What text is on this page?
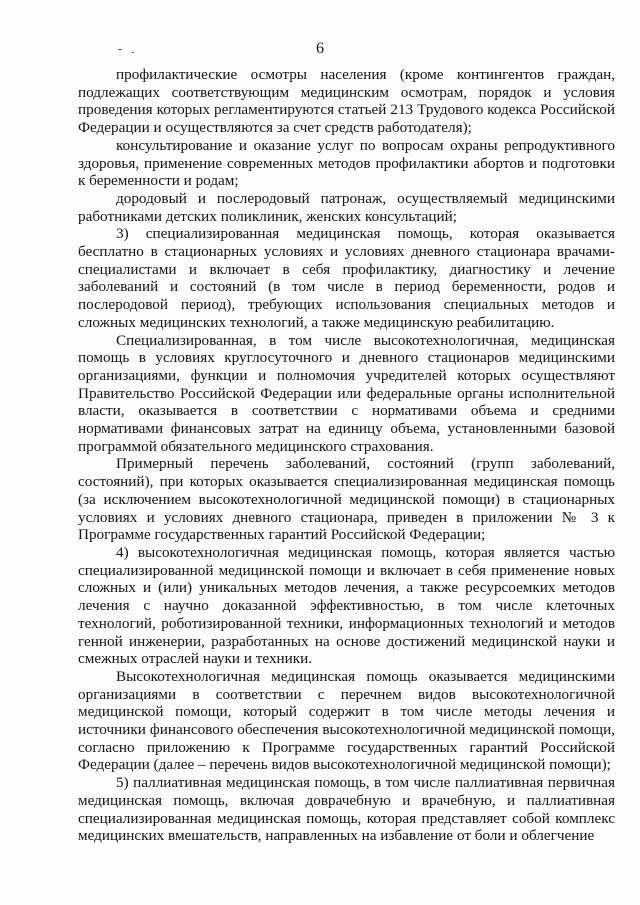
6

профилактические осмотры населения (кроме контингентов граждан, подлежащих соответствующим медицинским осмотрам, порядок и условия проведения которых регламентируются статьей 213 Трудового кодекса Российской Федерации и осуществляются за счет средств работодателя);

консультирование и оказание услуг по вопросам охраны репродуктивного здоровья, применение современных методов профилактики абортов и подготовки к беременности и родам;

дородовый и послеродовый патронаж, осуществляемый медицинскими работниками детских поликлиник, женских консультаций;

3) специализированная медицинская помощь, которая оказывается бесплатно в стационарных условиях и условиях дневного стационара врачами-специалистами и включает в себя профилактику, диагностику и лечение заболеваний и состояний (в том числе в период беременности, родов и послеродовой период), требующих использования специальных методов и сложных медицинских технологий, а также медицинскую реабилитацию.

Специализированная, в том числе высокотехнологичная, медицинская помощь в условиях круглосуточного и дневного стационаров медицинскими организациями, функции и полномочия учредителей которых осуществляют Правительство Российской Федерации или федеральные органы исполнительной власти, оказывается в соответствии с нормативами объема и средними нормативами финансовых затрат на единицу объема, установленными базовой программой обязательного медицинского страхования.

Примерный перечень заболеваний, состояний (групп заболеваний, состояний), при которых оказывается специализированная медицинская помощь (за исключением высокотехнологичной медицинской помощи) в стационарных условиях и условиях дневного стационара, приведен в приложении № 3 к Программе государственных гарантий Российской Федерации;

4) высокотехнологичная медицинская помощь, которая является частью специализированной медицинской помощи и включает в себя применение новых сложных и (или) уникальных методов лечения, а также ресурсоемких методов лечения с научно доказанной эффективностью, в том числе клеточных технологий, роботизированной техники, информационных технологий и методов генной инженерии, разработанных на основе достижений медицинской науки и смежных отраслей науки и техники.

Высокотехнологичная медицинская помощь оказывается медицинскими организациями в соответствии с перечнем видов высокотехнологичной медицинской помощи, который содержит в том числе методы лечения и источники финансового обеспечения высокотехнологичной медицинской помощи, согласно приложению к Программе государственных гарантий Российской Федерации (далее – перечень видов высокотехнологичной медицинской помощи);

5) паллиативная медицинская помощь, в том числе паллиативная первичная медицинская помощь, включая доврачебную и врачебную, и паллиативная специализированная медицинская помощь, которая представляет собой комплекс медицинских вмешательств, направленных на избавление от боли и облегчение
